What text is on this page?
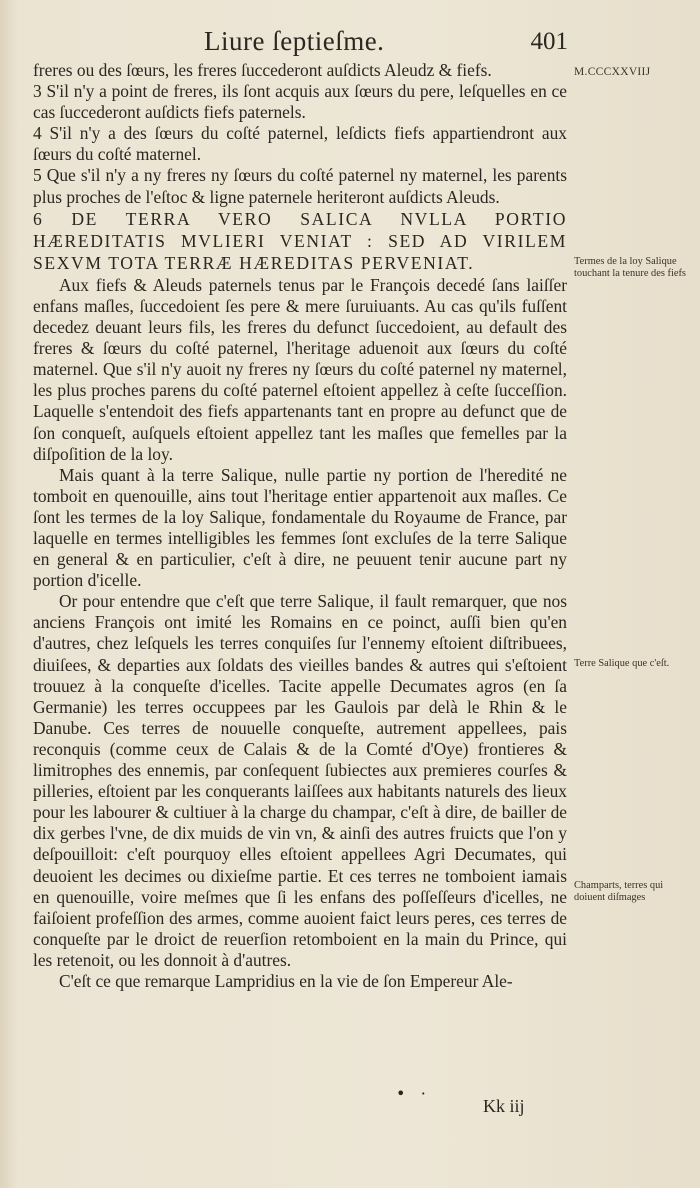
Liure ſeptieſme.	401
M.CCCXXVIIJ
Termes de la loy Salique touchant la tenure des fiefs
Terre Salique que c'eſt.
Champarts, terres qui doiuent diſmages

freres ou des ſœurs, les freres ſuccederont auſdicts Aleudz & fiefs.

3 S'il n'y a point de freres, ils ſont acquis aux ſœurs du pere, leſquelles en ce cas ſuccederont auſdicts fiefs paternels.

4 S'il n'y a des ſœurs du coſté paternel, leſdicts fiefs appartiendront aux ſœurs du coſté maternel.

5 Que s'il n'y a ny freres ny ſœurs du coſté paternel ny maternel, les parents plus proches de l'eſtoc & ligne paternele heriteront auſdicts Aleuds.

6 DE TERRA VERO SALICA NVLLA PORTIO HÆREDITATIS MVLIERI VENIAT : SED AD VIRILEM SEXVM TOTA TERRÆ HÆREDITAS PERVENIAT.

Aux fiefs & Aleuds paternels tenus par le François decedé ſans laiſſer enfans maſles, ſuccedoient ſes pere & mere ſuruiuants. Au cas qu'ils fuſſent decedez deuant leurs fils, les freres du defunct ſuccedoient, au default des freres & ſœurs du coſté paternel, l'heritage aduenoit aux ſœurs du coſté maternel. Que s'il n'y auoit ny freres ny ſœurs du coſté paternel ny maternel, les plus proches parens du coſté paternel eſtoient appellez à ceſte ſucceſſion. Laquelle s'entendoit des fiefs appartenants tant en propre au defunct que de ſon conqueſt, auſquels eſtoient appellez tant les maſles que femelles par la diſpoſition de la loy.

Mais quant à la terre Salique, nulle partie ny portion de l'heredité ne tomboit en quenouille, ains tout l'heritage entier appartenoit aux maſles. Ce ſont les termes de la loy Salique, fondamentale du Royaume de France, par laquelle en termes intelligibles les femmes ſont excluſes de la terre Salique en general & en particulier, c'eſt à dire, ne peuuent tenir aucune part ny portion d'icelle.

Or pour entendre que c'eſt que terre Salique, il fault remarquer, que nos anciens François ont imité les Romains en ce poinct, auſſi bien qu'en d'autres, chez leſquels les terres conquiſes ſur l'ennemy eſtoient diſtribuees, diuiſees, & departies aux ſoldats des vieilles bandes & autres qui s'eſtoient trouuez à la conqueſte d'icelles. Tacite appelle Decumates agros (en ſa Germanie) les terres occuppees par les Gaulois par delà le Rhin & le Danube. Ces terres de nouuelle conqueſte, autrement appellees, pais reconquis (comme ceux de Calais & de la Comté d'Oye) frontieres & limitrophes des ennemis, par conſequent ſubiectes aux premieres courſes & pilleries, eſtoient par les conquerants laiſſees aux habitants naturels des lieux pour les labourer & cultiuer à la charge du champar, c'eſt à dire, de bailler de dix gerbes l'vne, de dix muids de vin vn, & ainſi des autres fruicts que l'on y deſpouilloit: c'eſt pourquoy elles eſtoient appellees Agri Decumates, qui deuoient les decimes ou dixieſme partie. Et ces terres ne tomboient iamais en quenouille, voire meſmes que ſi les enfans des poſſeſſeurs d'icelles, ne faiſoient profeſſion des armes, comme auoient faict leurs peres, ces terres de conqueſte par le droict de reuerſion retomboient en la main du Prince, qui les retenoit, ou les donnoit à d'autres.

C'eſt ce que remarque Lampridius en la vie de ſon Empereur Ale-

•   ·
Kk iij
